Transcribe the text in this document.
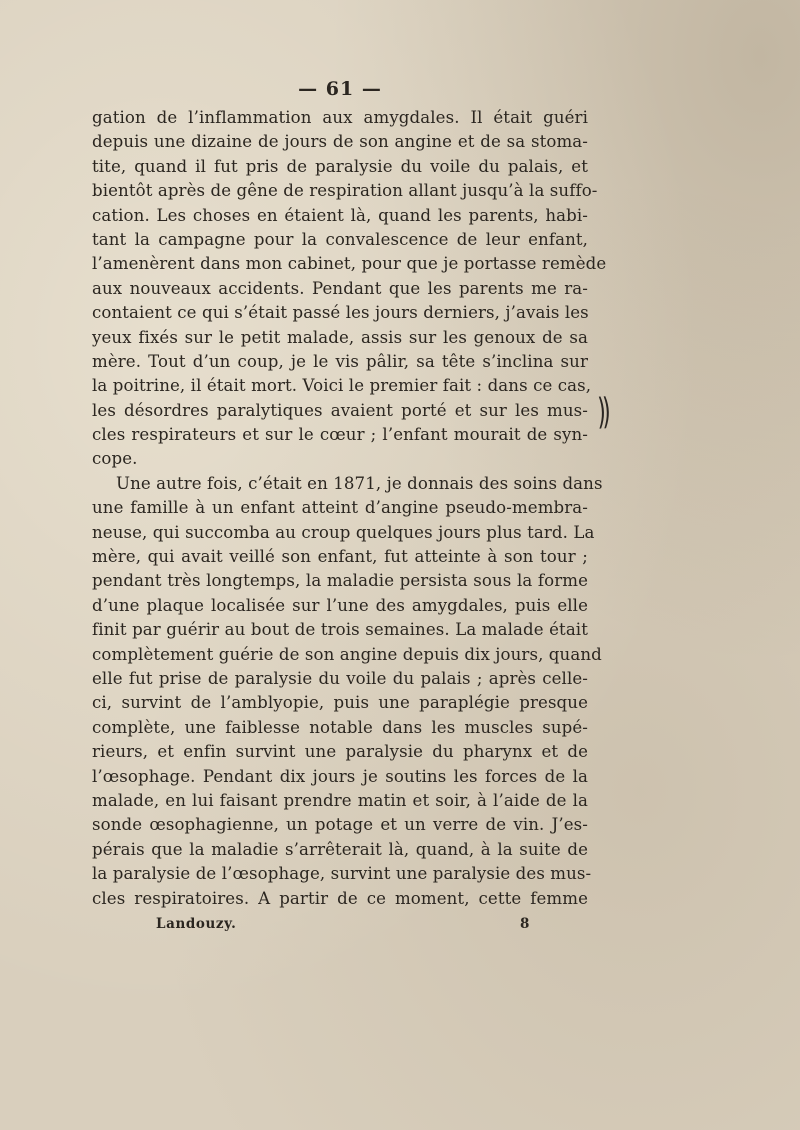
— 61 —
gation de l’inflammation aux amygdales. Il était guéri
depuis une dizaine de jours de son angine et de sa stoma-
tite, quand il fut pris de paralysie du voile du palais, et
bientôt après de gêne de respiration allant jusqu’à la suffo-
cation. Les choses en étaient là, quand les parents, habi-
tant la campagne pour la convalescence de leur enfant,
l’amenèrent dans mon cabinet, pour que je portasse remède
aux nouveaux accidents. Pendant que les parents me ra-
contaient ce qui s’était passé les jours derniers, j’avais les
yeux fixés sur le petit malade, assis sur les genoux de sa
mère. Tout d’un coup, je le vis pâlir, sa tête s’inclina sur
la poitrine, il était mort. Voici le premier fait : dans ce cas,
les désordres paralytiques avaient porté et sur les mus-
cles respirateurs et sur le cœur ; l’enfant mourait de syn-
cope.
Une autre fois, c’était en 1871, je donnais des soins dans
une famille à un enfant atteint d’angine pseudo-membra-
neuse, qui succomba au croup quelques jours plus tard. La
mère, qui avait veillé son enfant, fut atteinte à son tour ;
pendant très longtemps, la maladie persista sous la forme
d’une plaque localisée sur l’une des amygdales, puis elle
finit par guérir au bout de trois semaines. La malade était
complètement guérie de son angine depuis dix jours, quand
elle fut prise de paralysie du voile du palais ; après celle-
ci, survint de l’amblyopie, puis une paraplégie presque
complète, une faiblesse notable dans les muscles supé-
rieurs, et enfin survint une paralysie du pharynx et de
l’œsophage. Pendant dix jours je soutins les forces de la
malade, en lui faisant prendre matin et soir, à l’aide de la
sonde œsophagienne, un potage et un verre de vin. J’es-
pérais que la maladie s’arrêterait là, quand, à la suite de
la paralysie de l’œsophage, survint une paralysie des mus-
cles respiratoires. A partir de ce moment, cette femme
))
Landouzy.	8
